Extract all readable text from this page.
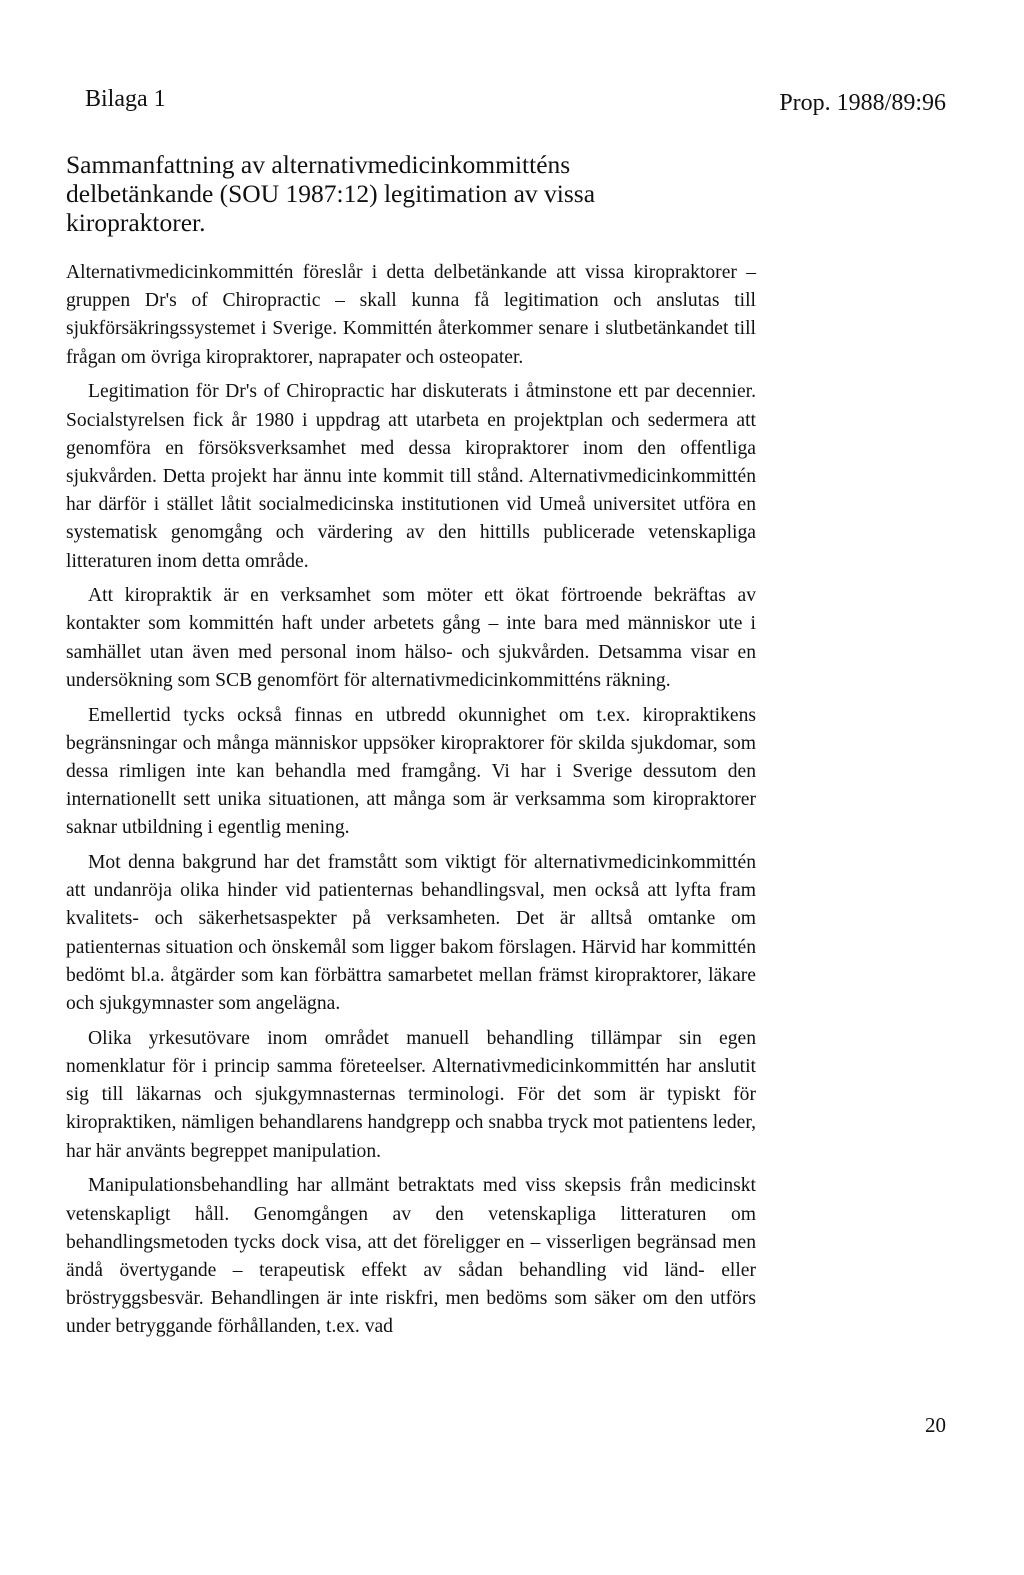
Bilaga 1	Prop. 1988/89:96
Sammanfattning av alternativmedicinkommitténs delbetänkande (SOU 1987:12) legitimation av vissa kiropraktorer.

Alternativmedicinkommittén föreslår i detta delbetänkande att vissa kiropraktorer – gruppen Dr's of Chiropractic – skall kunna få legitimation och anslutas till sjukförsäkringssystemet i Sverige. Kommittén återkommer senare i slutbetänkandet till frågan om övriga kiropraktorer, naprapater och osteopater.

Legitimation för Dr's of Chiropractic har diskuterats i åtminstone ett par decennier. Socialstyrelsen fick år 1980 i uppdrag att utarbeta en projektplan och sedermera att genomföra en försöksverksamhet med dessa kiropraktorer inom den offentliga sjukvården. Detta projekt har ännu inte kommit till stånd. Alternativmedicinkommittén har därför i stället låtit socialmedicinska institutionen vid Umeå universitet utföra en systematisk genomgång och värdering av den hittills publicerade vetenskapliga litteraturen inom detta område.

Att kiropraktik är en verksamhet som möter ett ökat förtroende bekräftas av kontakter som kommittén haft under arbetets gång – inte bara med människor ute i samhället utan även med personal inom hälso- och sjukvården. Detsamma visar en undersökning som SCB genomfört för alternativmedicinkommitténs räkning.

Emellertid tycks också finnas en utbredd okunnighet om t.ex. kiropraktikens begränsningar och många människor uppsöker kiropraktorer för skilda sjukdomar, som dessa rimligen inte kan behandla med framgång. Vi har i Sverige dessutom den internationellt sett unika situationen, att många som är verksamma som kiropraktorer saknar utbildning i egentlig mening.

Mot denna bakgrund har det framstått som viktigt för alternativmedicinkommittén att undanröja olika hinder vid patienternas behandlingsval, men också att lyfta fram kvalitets- och säkerhetsaspekter på verksamheten. Det är alltså omtanke om patienternas situation och önskemål som ligger bakom förslagen. Härvid har kommittén bedömt bl.a. åtgärder som kan förbättra samarbetet mellan främst kiropraktorer, läkare och sjukgymnaster som angelägna.

Olika yrkesutövare inom området manuell behandling tillämpar sin egen nomenklatur för i princip samma företeelser. Alternativmedicinkommittén har anslutit sig till läkarnas och sjukgymnasternas terminologi. För det som är typiskt för kiropraktiken, nämligen behandlarens handgrepp och snabba tryck mot patientens leder, har här använts begreppet manipulation.

Manipulationsbehandling har allmänt betraktats med viss skepsis från medicinskt vetenskapligt håll. Genomgången av den vetenskapliga litteraturen om behandlingsmetoden tycks dock visa, att det föreligger en – visserligen begränsad men ändå övertygande – terapeutisk effekt av sådan behandling vid länd- eller bröstryggsbesvär. Behandlingen är inte riskfri, men bedöms som säker om den utförs under betryggande förhållanden, t.ex. vad

20
